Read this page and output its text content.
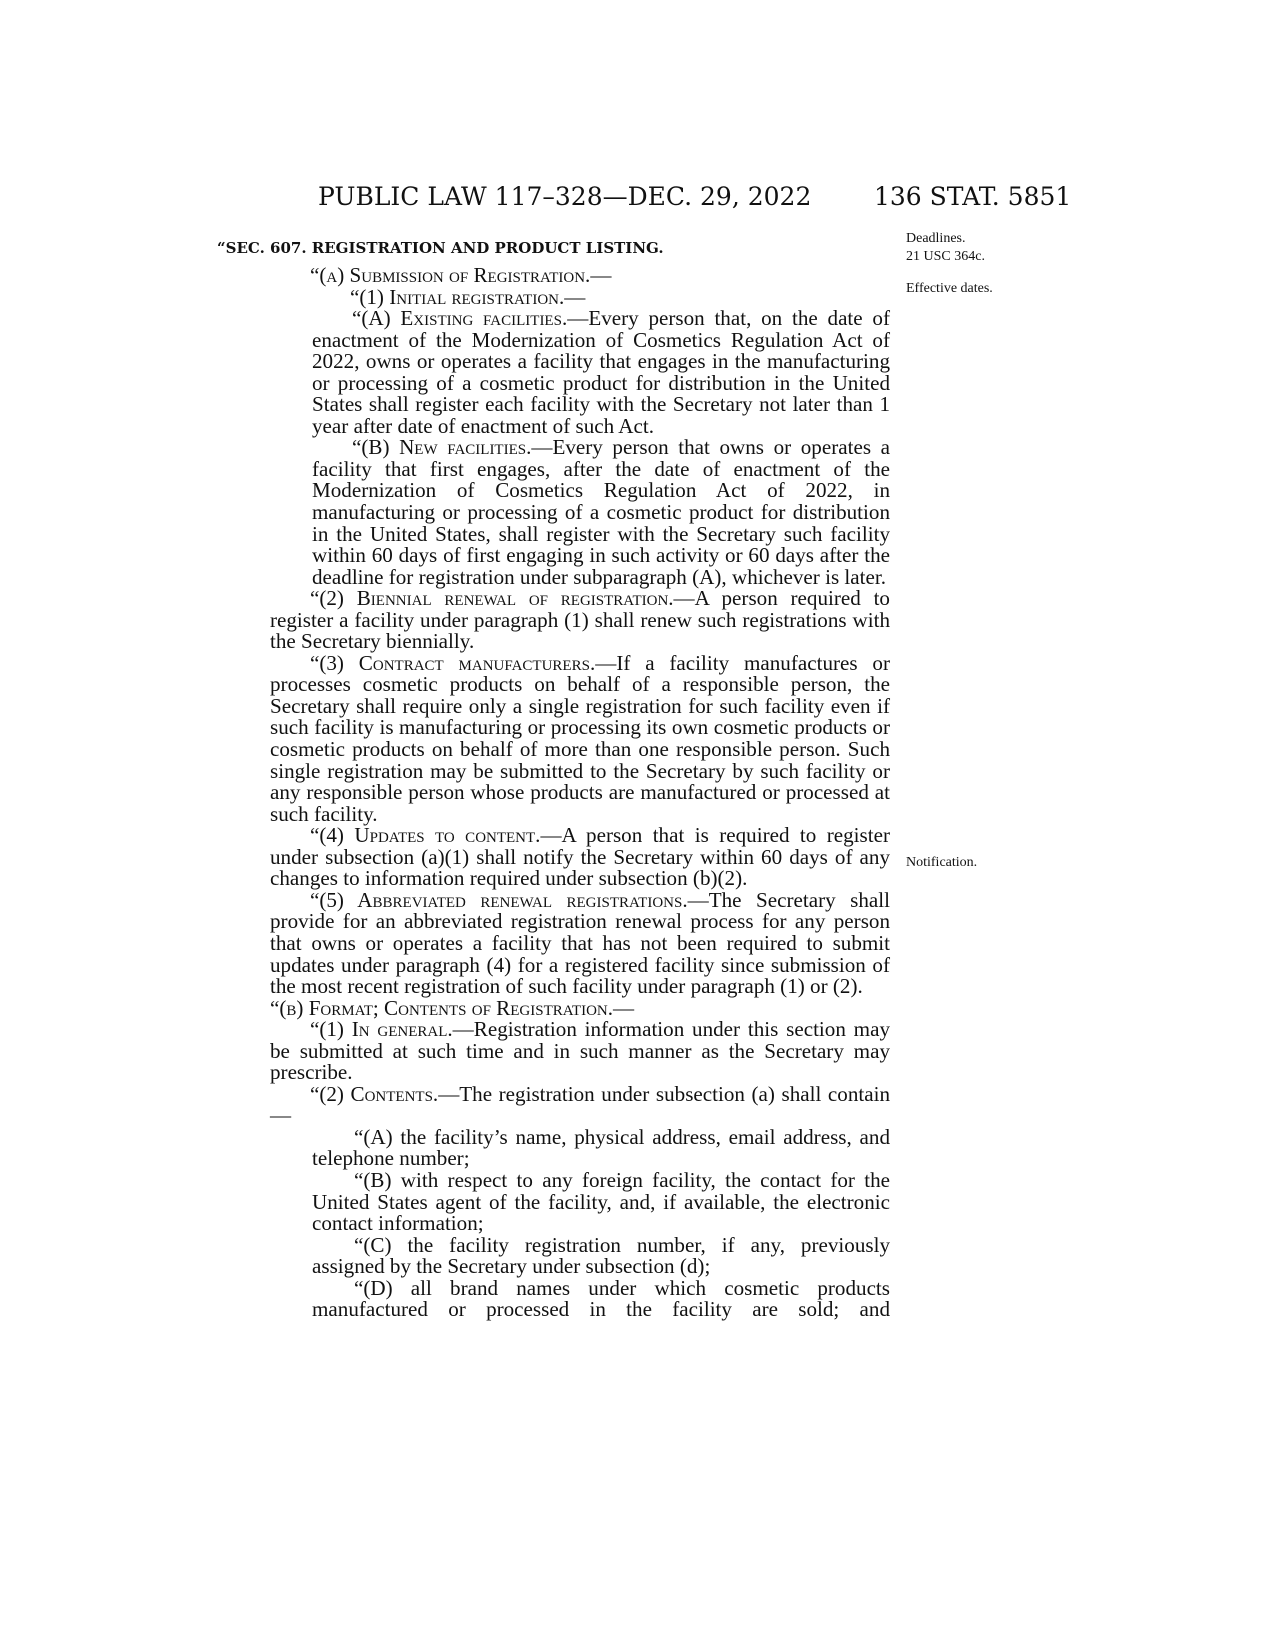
PUBLIC LAW 117–328—DEC. 29, 2022	136 STAT. 5851
“SEC. 607. REGISTRATION AND PRODUCT LISTING.
Deadlines.
21 USC 364c.
Effective dates.
Notification.

“(a) Submission of Registration.—

“(1) Initial registration.—

“(A) Existing facilities.—Every person that, on the date of enactment of the Modernization of Cosmetics Regulation Act of 2022, owns or operates a facility that engages in the manufacturing or processing of a cosmetic product for distribution in the United States shall register each facility with the Secretary not later than 1 year after date of enactment of such Act.

“(B) New facilities.—Every person that owns or operates a facility that first engages, after the date of enactment of the Modernization of Cosmetics Regulation Act of 2022, in manufacturing or processing of a cosmetic product for distribution in the United States, shall register with the Secretary such facility within 60 days of first engaging in such activity or 60 days after the deadline for registration under subparagraph (A), whichever is later.

“(2) Biennial renewal of registration.—A person required to register a facility under paragraph (1) shall renew such registrations with the Secretary biennially.

“(3) Contract manufacturers.—If a facility manufactures or processes cosmetic products on behalf of a responsible person, the Secretary shall require only a single registration for such facility even if such facility is manufacturing or processing its own cosmetic products or cosmetic products on behalf of more than one responsible person. Such single registration may be submitted to the Secretary by such facility or any responsible person whose products are manufactured or processed at such facility.

“(4) Updates to content.—A person that is required to register under subsection (a)(1) shall notify the Secretary within 60 days of any changes to information required under subsection (b)(2).

“(5) Abbreviated renewal registrations.—The Secretary shall provide for an abbreviated registration renewal process for any person that owns or operates a facility that has not been required to submit updates under paragraph (4) for a registered facility since submission of the most recent registration of such facility under paragraph (1) or (2).

“(b) Format; Contents of Registration.—

“(1) In general.—Registration information under this section may be submitted at such time and in such manner as the Secretary may prescribe.

“(2) Contents.—The registration under subsection (a) shall contain—

“(A) the facility’s name, physical address, email address, and telephone number;

“(B) with respect to any foreign facility, the contact for the United States agent of the facility, and, if available, the electronic contact information;

“(C) the facility registration number, if any, previously assigned by the Secretary under subsection (d);

“(D) all brand names under which cosmetic products manufactured or processed in the facility are sold; and
